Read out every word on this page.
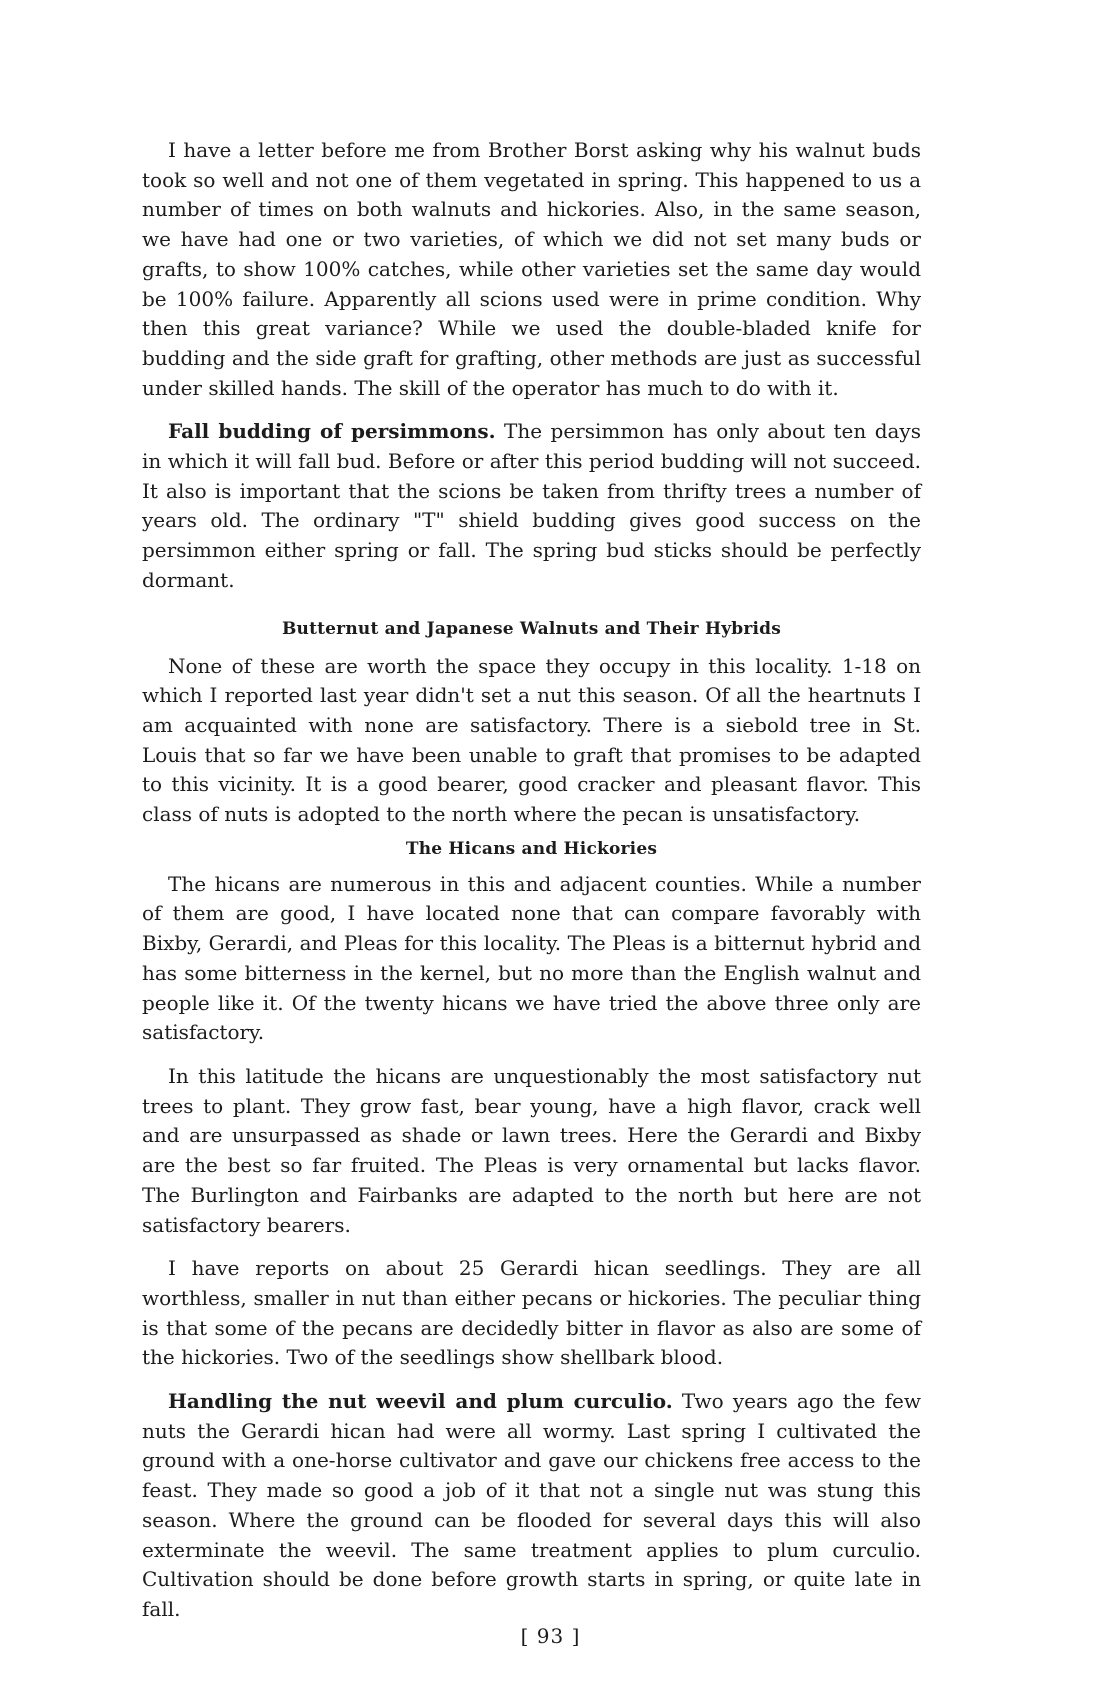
I have a letter before me from Brother Borst asking why his walnut buds took so well and not one of them vegetated in spring. This happened to us a number of times on both walnuts and hickories. Also, in the same season, we have had one or two varieties, of which we did not set many buds or grafts, to show 100% catches, while other varieties set the same day would be 100% failure. Apparently all scions used were in prime condition. Why then this great variance? While we used the double-bladed knife for budding and the side graft for grafting, other methods are just as successful under skilled hands. The skill of the operator has much to do with it.

Fall budding of persimmons. The persimmon has only about ten days in which it will fall bud. Before or after this period budding will not succeed. It also is important that the scions be taken from thrifty trees a number of years old. The ordinary "T" shield budding gives good success on the persimmon either spring or fall. The spring bud sticks should be perfectly dormant.

Butternut and Japanese Walnuts and Their Hybrids

None of these are worth the space they occupy in this locality. 1-18 on which I reported last year didn't set a nut this season. Of all the heartnuts I am acquainted with none are satisfactory. There is a siebold tree in St. Louis that so far we have been unable to graft that promises to be adapted to this vicinity. It is a good bearer, good cracker and pleasant flavor. This class of nuts is adopted to the north where the pecan is unsatisfactory.

The Hicans and Hickories

The hicans are numerous in this and adjacent counties. While a number of them are good, I have located none that can compare favorably with Bixby, Gerardi, and Pleas for this locality. The Pleas is a bitternut hybrid and has some bitterness in the kernel, but no more than the English walnut and people like it. Of the twenty hicans we have tried the above three only are satisfactory.

In this latitude the hicans are unquestionably the most satisfactory nut trees to plant. They grow fast, bear young, have a high flavor, crack well and are unsurpassed as shade or lawn trees. Here the Gerardi and Bixby are the best so far fruited. The Pleas is very ornamental but lacks flavor. The Burlington and Fairbanks are adapted to the north but here are not satisfactory bearers.

I have reports on about 25 Gerardi hican seedlings. They are all worthless, smaller in nut than either pecans or hickories. The peculiar thing is that some of the pecans are decidedly bitter in flavor as also are some of the hickories. Two of the seedlings show shellbark blood.

Handling the nut weevil and plum curculio. Two years ago the few nuts the Gerardi hican had were all wormy. Last spring I cultivated the ground with a one-horse cultivator and gave our chickens free access to the feast. They made so good a job of it that not a single nut was stung this season. Where the ground can be flooded for several days this will also exterminate the weevil. The same treatment applies to plum curculio. Cultivation should be done before growth starts in spring, or quite late in fall.

[ 93 ]
